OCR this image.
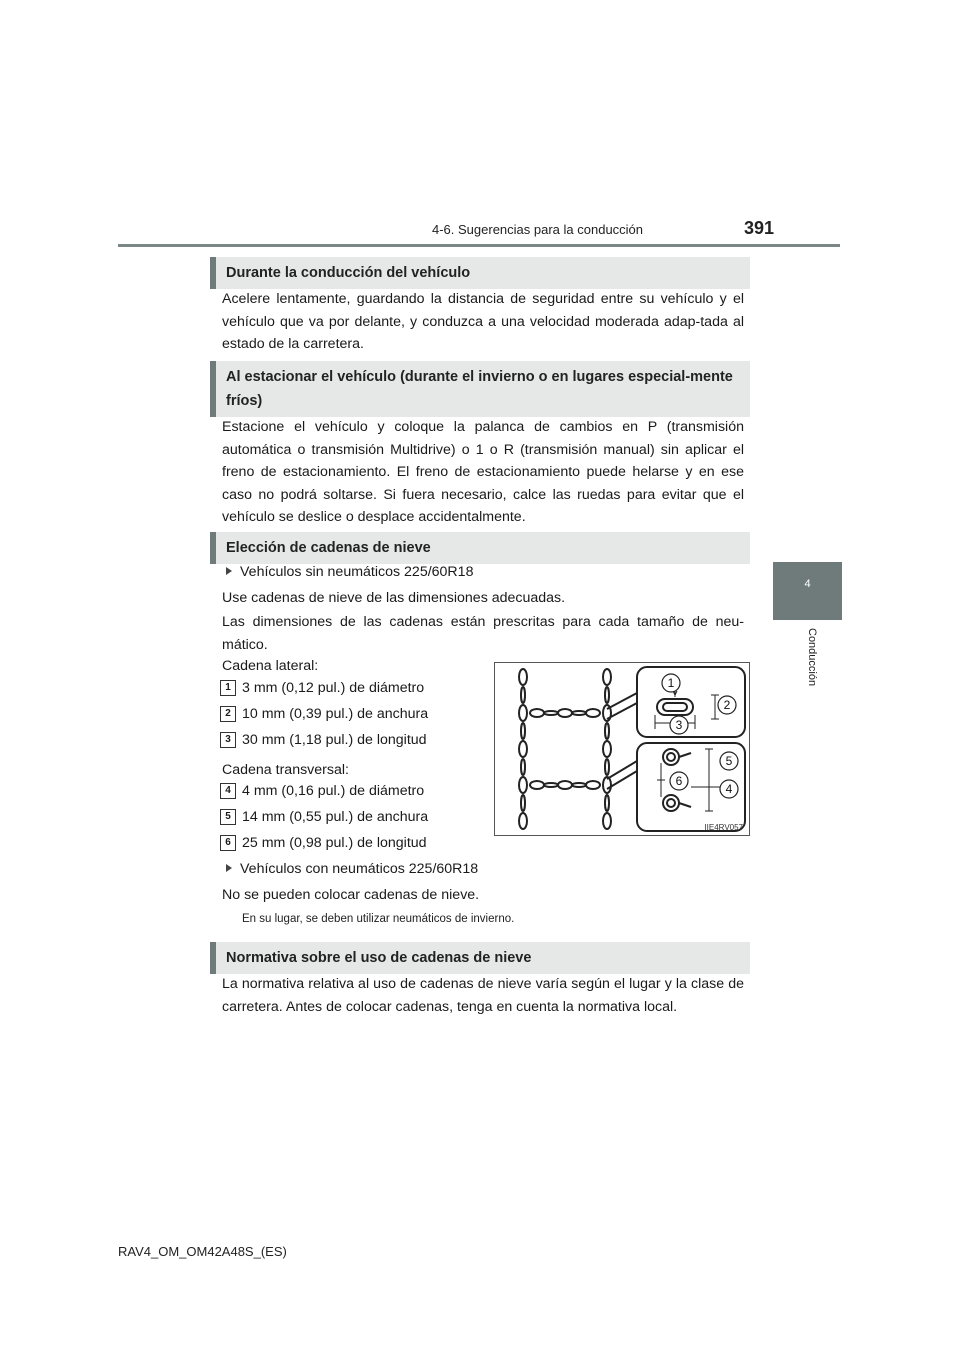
4-6. Sugerencias para la conducción	391
4
Conducción
Durante la conducción del vehículo

Acelere lentamente, guardando la distancia de seguridad entre su vehículo y el vehículo que va por delante, y conduzca a una velocidad moderada adap-tada al estado de la carretera.

Al estacionar el vehículo (durante el invierno o en lugares especial-mente fríos)

Estacione el vehículo y coloque la palanca de cambios en P (transmisión automática o transmisión Multidrive) o 1 o R (transmisión manual) sin aplicar el freno de estacionamiento. El freno de estacionamiento puede helarse y en ese caso no podrá soltarse. Si fuera necesario, calce las ruedas para evitar que el vehículo se deslice o desplace accidentalmente.

Elección de cadenas de nieve
Vehículos sin neumáticos 225/60R18
Use cadenas de nieve de las dimensiones adecuadas.

Las dimensiones de las cadenas están prescritas para cada tamaño de neu-mático.

Cadena lateral:
1 3 mm (0,12 pul.) de diámetro
2 10 mm (0,39 pul.) de anchura
3 30 mm (1,18 pul.) de longitud
Cadena transversal:
4 4 mm (0,16 pul.) de diámetro
5 14 mm (0,55 pul.) de anchura
6 25 mm (0,98 pul.) de longitud
1
2
3
5
6
4
IIE4RV057
Vehículos con neumáticos 225/60R18
No se pueden colocar cadenas de nieve.
En su lugar, se deben utilizar neumáticos de invierno.
Normativa sobre el uso de cadenas de nieve

La normativa relativa al uso de cadenas de nieve varía según el lugar y la clase de carretera. Antes de colocar cadenas, tenga en cuenta la normativa local.

RAV4_OM_OM42A48S_(ES)
